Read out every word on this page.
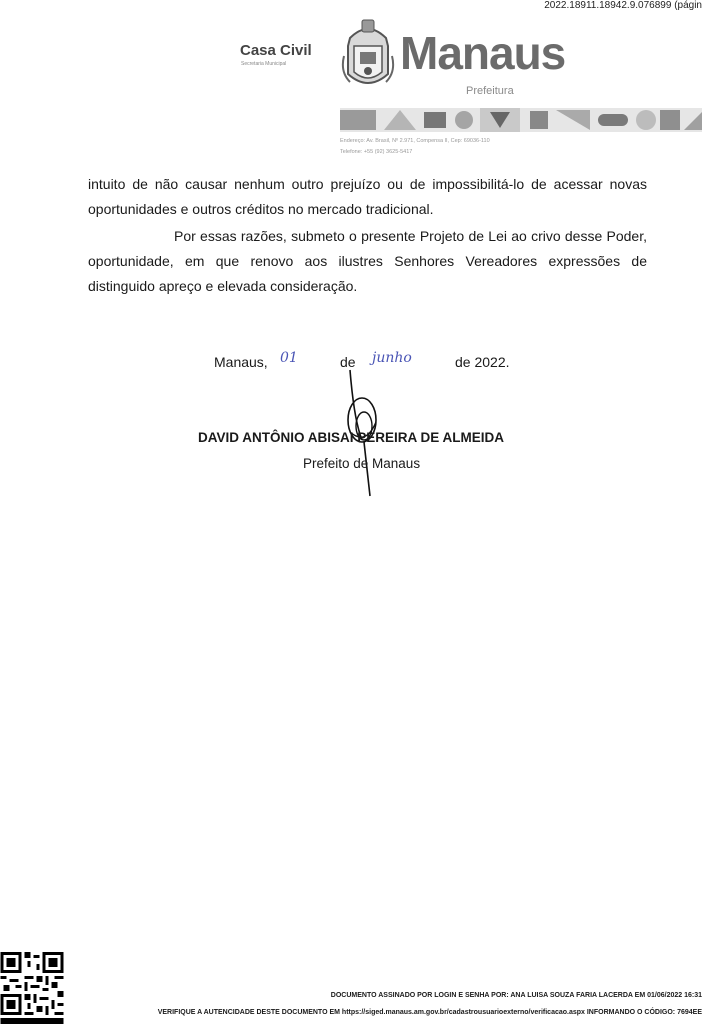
2022.18911.18942.9.076899 (págin
Casa Civil
Secretaria Municipal Manaus
Prefeitura
Endereço: Av. Brasil, Nº 2.971, Compensa II, Cep: 69036-110
Telefone: +55 (92) 3625-5417

intuito de não causar nenhum outro prejuízo ou de impossibilitá-lo de acessar novas oportunidades e outros créditos no mercado tradicional.

Por essas razões, submeto o presente Projeto de Lei ao crivo desse Poder, oportunidade, em que renovo aos ilustres Senhores Vereadores expressões de distinguido apreço e elevada consideração.

Manaus, 01	de junho	de 2022.
DAVID ANTÔNIO ABISAI PEREIRA DE ALMEIDA
Prefeito de Manaus
DOCUMENTO ASSINADO POR LOGIN E SENHA POR: ANA LUISA SOUZA FARIA LACERDA EM 01/06/2022 16:31
VERIFIQUE A AUTENCIDADE DESTE DOCUMENTO EM https://siged.manaus.am.gov.br/cadastrousuarioexterno/verificacao.aspx INFORMANDO O CÓDIGO: 7694EE
